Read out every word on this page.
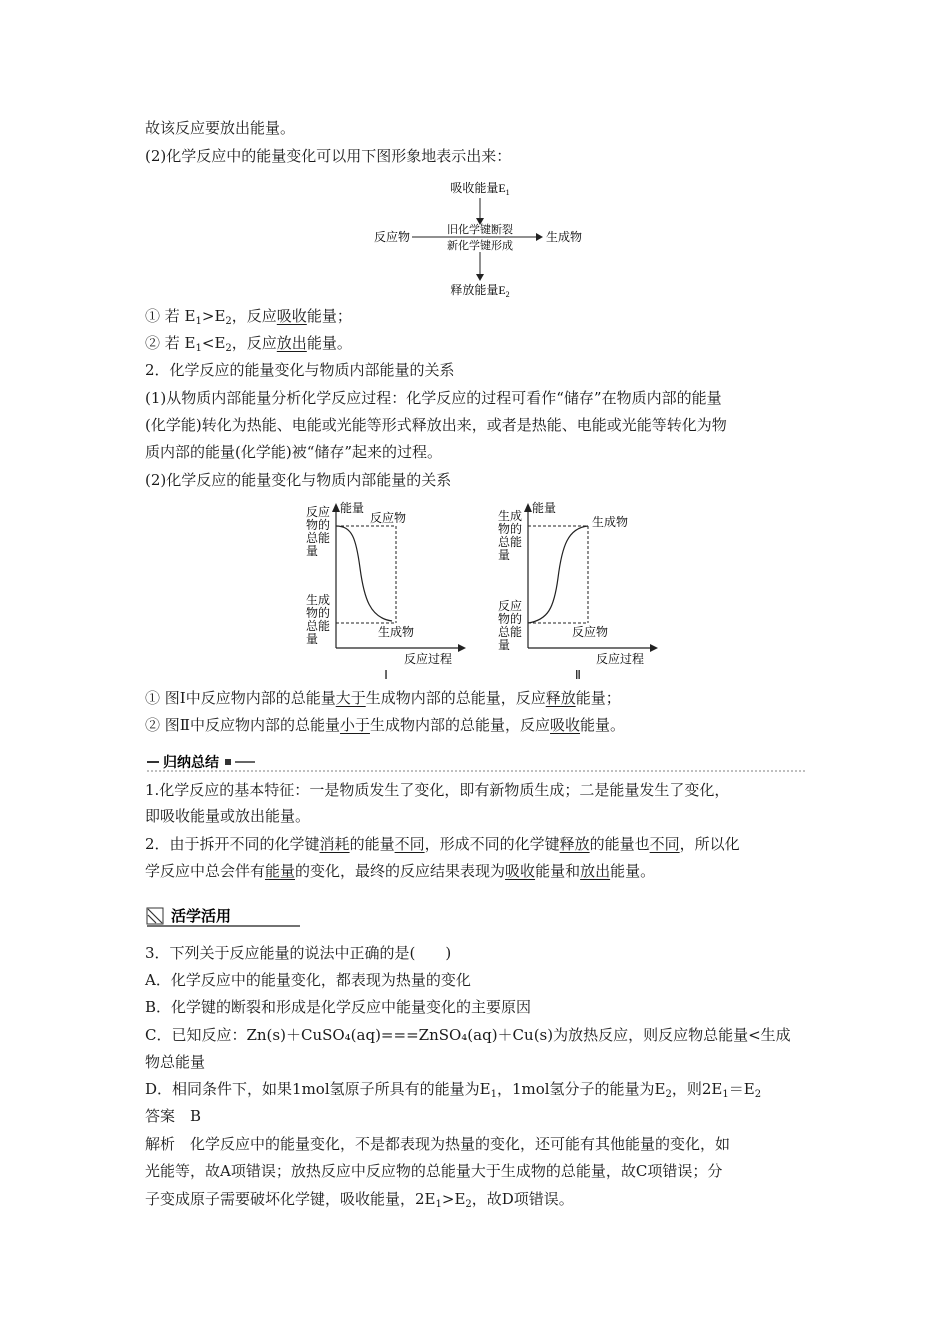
故该反应要放出能量。
(2)化学反应中的能量变化可以用下图形象地表示出来：
吸收能量$E_1$
反应物	旧化学键断裂
新化学键形成
生成物
释放能量$E_2$
① 若 $E_1>E_2$，反应吸收能量；
② 若 $E_1<E_2$，反应放出能量。
2．化学反应的能量变化与物质内部能量的关系
(1)从物质内部能量分析化学反应过程：化学反应的过程可看作“储存”在物质内部的能量
(化学能)转化为热能、电能或光能等形式释放出来，或者是热能、电能或光能等转化为物
质内部的能量(化学能)被“储存”起来的过程。
(2)化学反应的能量变化与物质内部能量的关系
能量
反应物
反应物的总能量
生成物的总能量	生成物
反应过程
Ⅰ
能量
生成物
生成物的总能量
反应物的总能量
反应物
反应过程
Ⅱ
① 图Ⅰ中反应物内部的总能量大于生成物内部的总能量，反应释放能量；
② 图Ⅱ中反应物内部的总能量小于生成物内部的总能量，反应吸收能量。
归纳总结
1.化学反应的基本特征：一是物质发生了变化，即有新物质生成；二是能量发生了变化，
即吸收能量或放出能量。
2．由于拆开不同的化学键消耗的能量不同，形成不同的化学键释放的能量也不同，所以化
学反应中总会伴有能量的变化，最终的反应结果表现为吸收能量和放出能量。
活学活用
3．下列关于反应能量的说法中正确的是(　　)
A．化学反应中的能量变化，都表现为热量的变化
B．化学键的断裂和形成是化学反应中能量变化的主要原因
C．已知反应：Zn(s)＋CuSO₄(aq)===ZnSO₄(aq)＋Cu(s)为放热反应，则反应物总能量<生成
物总能量
D．相同条件下，如果1mol氢原子所具有的能量为$E_1$，1mol氢分子的能量为$E_2$，则$2E_1=E_2$
答案　B
解析　化学反应中的能量变化，不是都表现为热量的变化，还可能有其他能量的变化，如
光能等，故A项错误；放热反应中反应物的总能量大于生成物的总能量，故C项错误；分
子变成原子需要破坏化学键，吸收能量，$2E_1>E_2$，故D项错误。
